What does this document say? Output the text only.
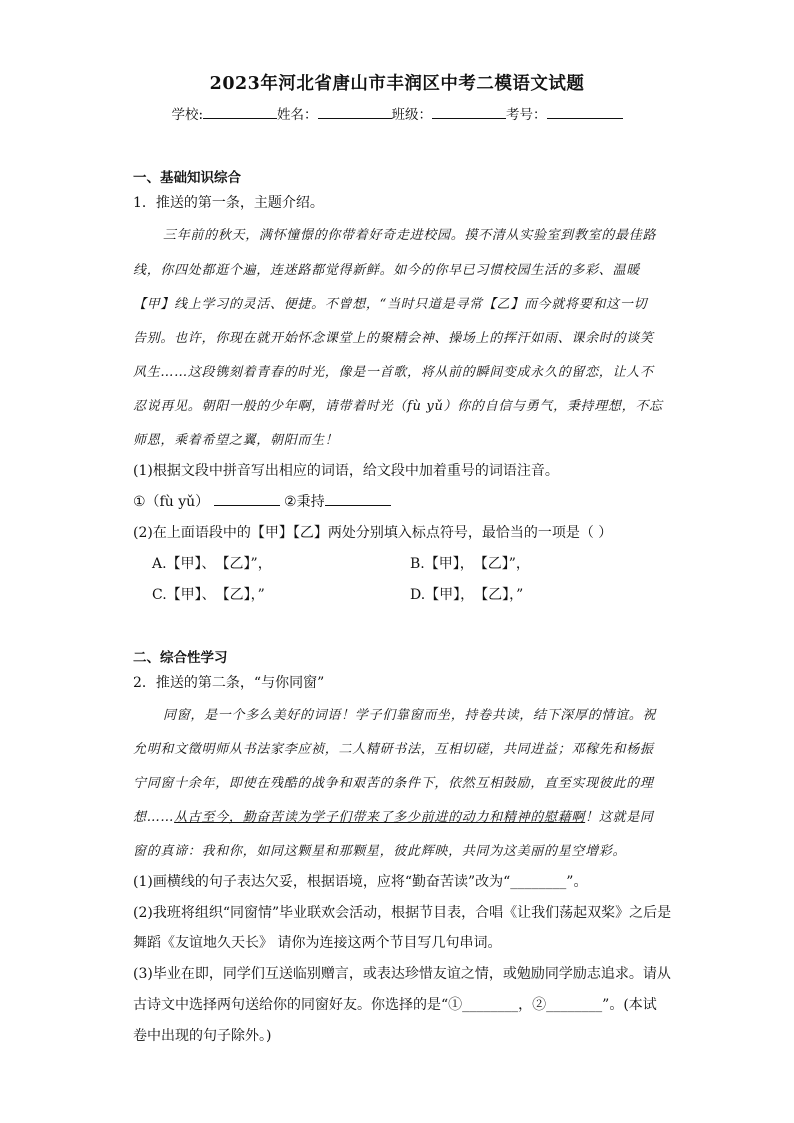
2023年河北省唐山市丰润区中考二模语文试题
学校:	姓名：	班级：	考号：
一、基础知识综合
1．推送的第一条，主题介绍。
三年前的秋天，满怀憧憬的你带着好奇走进校园。摸不清从实验室到教室的最佳路
线，你四处都逛个遍，连迷路都觉得新鲜。如今的你早已习惯校园生活的多彩、温暖
【甲】线上学习的灵活、便捷。不曾想，“当时只道是寻常【乙】而今就将要和这一切
告别。也许，你现在就开始怀念课堂上的聚精会神、操场上的挥汗如雨、课余时的谈笑
风生……这段镌刻着青春的时光，像是一首歌，将从前的瞬间变成永久的留恋，让人不
忍说再见。朝阳一般的少年啊，请带着时光（fù yǔ）你的自信与勇气，秉持理想，不忘
师恩，乘着希望之翼，朝阳而生！
(1)根据文段中拼音写出相应的词语，给文段中加着重号的词语注音。
①（fù yǔ）	②秉持
(2)在上面语段中的【甲】【乙】两处分别填入标点符号，最恰当的一项是（ ）
A.【甲】、　【乙】”，	B.【甲】，　【乙】”，
C.【甲】、　【乙】，”	D.【甲】，　【乙】，”
二、综合性学习
2．推送的第二条，“与你同窗”
同窗，是一个多么美好的词语！学子们靠窗而坐，持卷共读，结下深厚的情谊。祝
允明和文徵明师从书法家李应祯，二人精研书法，互相切磋，共同进益；邓稼先和杨振
宁同窗十余年，即使在残酷的战争和艰苦的条件下，依然互相鼓励，直至实现彼此的理
想……从古至今，勤奋苦读为学子们带来了多少前进的动力和精神的慰藉啊！这就是同
窗的真谛：我和你，如同这颗星和那颗星，彼此辉映，共同为这美丽的星空增彩。
(1)画横线的句子表达欠妥，根据语境，应将“勤奋苦读”改为“________”。
(2)我班将组织“同窗情”毕业联欢会活动，根据节目表，合唱《让我们荡起双桨》之后是
舞蹈《友谊地久天长》 请你为连接这两个节目写几句串词。
(3)毕业在即，同学们互送临别赠言，或表达珍惜友谊之情，或勉励同学励志追求。请从
古诗文中选择两句送给你的同窗好友。你选择的是“①________，②________”。(本试
卷中出现的句子除外。)
